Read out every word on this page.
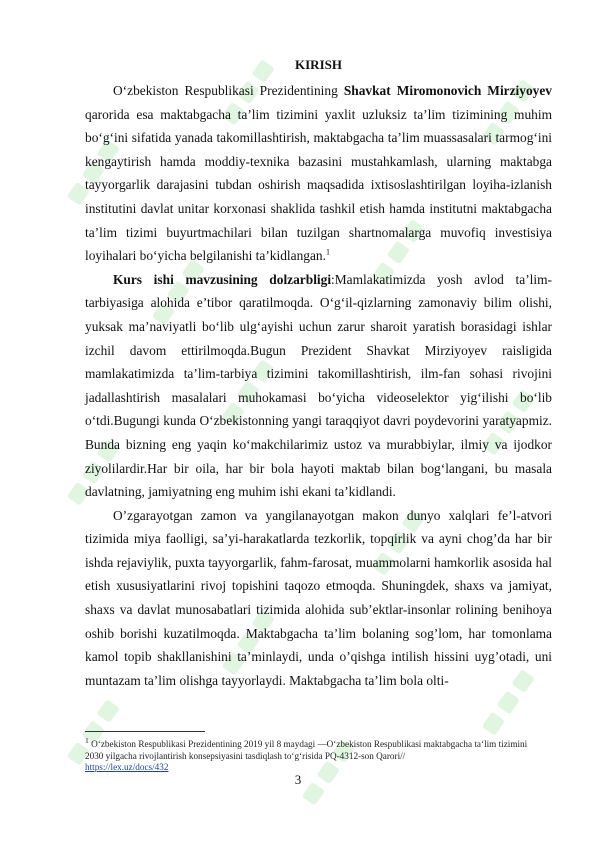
KIRISH

O‘zbekiston Respublikasi Prezidentining Shavkat Miromonovich Mirziyoyev qarorida esa maktabgacha ta’lim tizimini yaxlit uzluksiz ta’lim tizimining muhim bo‘g‘ini sifatida yanada takomillashtirish, maktabgacha ta’lim muassasalari tarmog‘ini kengaytirish hamda moddiy-texnika bazasini mustahkamlash, ularning maktabga tayyorgarlik darajasini tubdan oshirish maqsadida ixtisoslashtirilgan loyiha-izlanish institutini davlat unitar korxonasi shaklida tashkil etish hamda institutni maktabgacha ta’lim tizimi buyurtmachilari bilan tuzilgan shartnomalarga muvofiq investisiya loyihalari bo‘yicha belgilanishi ta’kidlangan.$^1$

Kurs ishi mavzusining dolzarbligi:Mamlakatimizda yosh avlod ta’lim-tarbiyasiga alohida e’tibor qaratilmoqda. O‘g‘il-qizlarning zamonaviy bilim olishi, yuksak ma’naviyatli bo‘lib ulg‘ayishi uchun zarur sharoit yaratish borasidagi ishlar izchil davom ettirilmoqda.Bugun Prezident Shavkat Mirziyoyev raisligida mamlakatimizda ta’lim-tarbiya tizimini takomillashtirish, ilm-fan sohasi rivojini jadallashtirish masalalari muhokamasi bo‘yicha videoselektor yig‘ilishi bo‘lib o‘tdi.Bugungi kunda O‘zbekistonning yangi taraqqiyot davri poydevorini yaratyapmiz. Bunda bizning eng yaqin ko‘makchilarimiz ustoz va murabbiylar, ilmiy va ijodkor ziyolilardir.Har bir oila, har bir bola hayoti maktab bilan bog‘langani, bu masala davlatning, jamiyatning eng muhim ishi ekani ta’kidlandi.

O’zgarayotgan zamon va yangilanayotgan makon dunyo xalqlari fe’l-atvori tizimida miya faolligi, sa’yi-harakatlarda tezkorlik, topqirlik va ayni chog’da har bir ishda rejaviylik, puxta tayyorgarlik, fahm-farosat, muammolarni hamkorlik asosida hal etish xususiyatlarini rivoj topishini taqozo etmoqda. Shuningdek, shaxs va jamiyat, shaxs va davlat munosabatlari tizimida alohida sub’ektlar-insonlar rolining benihoya oshib borishi kuzatilmoqda. Maktabgacha ta’lim bolaning sog’lom, har tomonlama kamol topib shakllanishini ta’minlaydi, unda o’qishga intilish hissini uyg’otadi, uni muntazam ta’lim olishga tayyorlaydi. Maktabgacha ta’lim bola olti-

$^1$ O‘zbekiston Respublikasi Prezidentining 2019 yil 8 maydagi —O‘zbekiston Respublikasi maktabgacha ta‘lim tizimini 2030 yilgacha rivojlantirish konsepsiyasini tasdiqlash to‘g‘risida PQ-4312-son Qarori//
https://lex.uz/docs/432
3
